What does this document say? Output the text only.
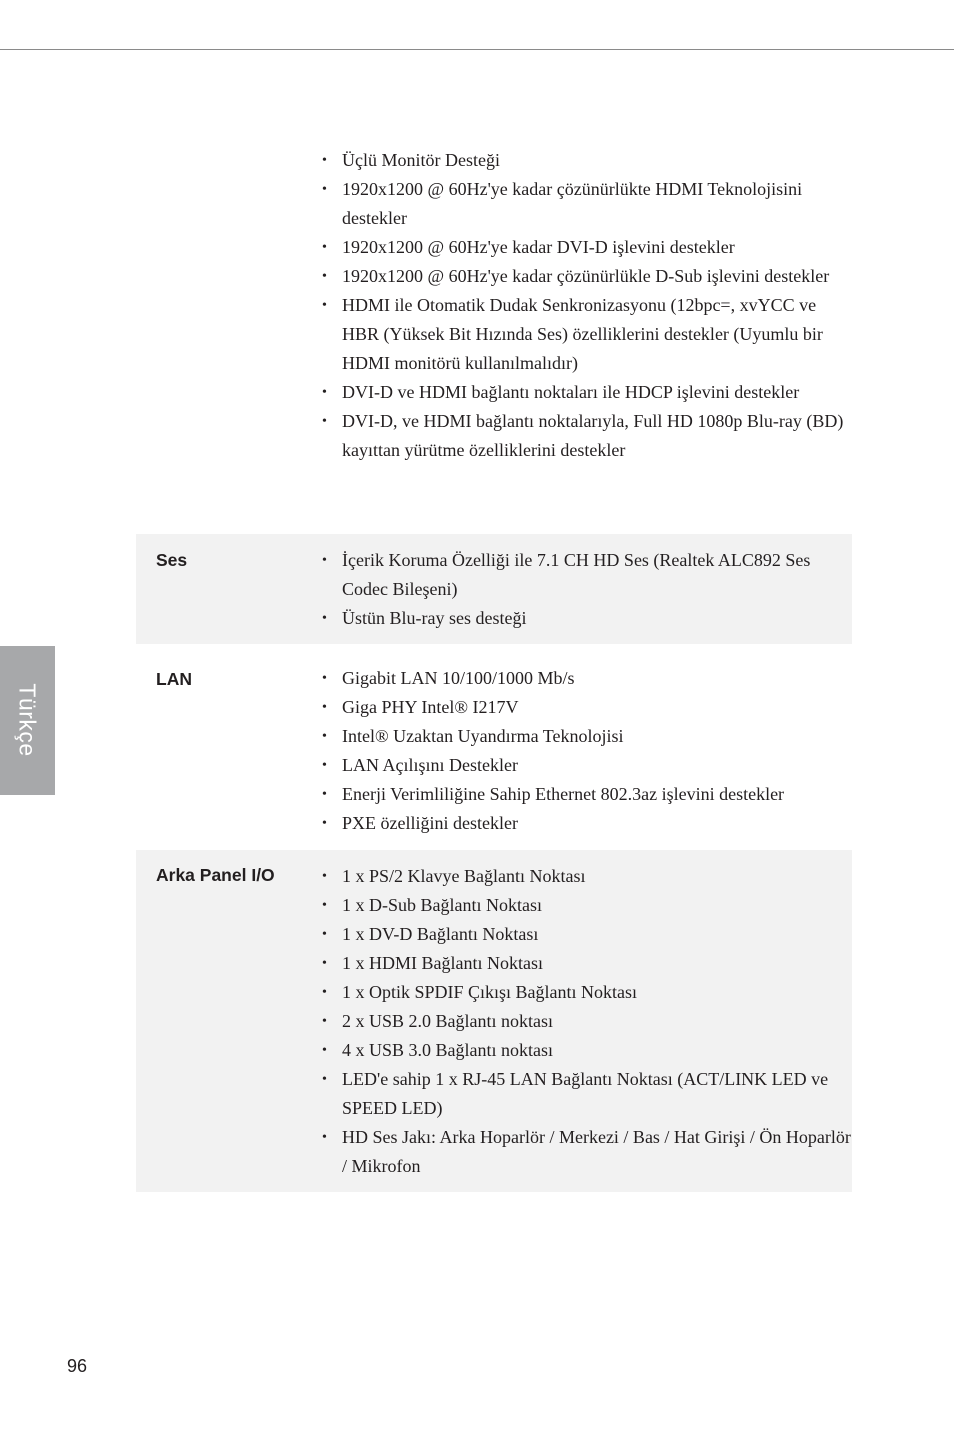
Türkçe
• Üçlü Monitör Desteği
• 1920x1200 @ 60Hz'ye kadar çözünürlükte HDMI Teknolojisini destekler
• 1920x1200 @ 60Hz'ye kadar DVI-D işlevini destekler
• 1920x1200 @ 60Hz'ye kadar çözünürlükle D-Sub işlevini destekler
• HDMI ile Otomatik Dudak Senkronizasyonu (12bpc=, xvYCC ve HBR (Yüksek Bit Hızında Ses) özelliklerini destekler (Uyumlu bir HDMI monitörü kullanılmalıdır)
• DVI-D ve HDMI bağlantı noktaları ile HDCP işlevini destekler
• DVI-D, ve HDMI bağlantı noktalarıyla, Full HD 1080p Blu-ray (BD) kayıttan yürütme özelliklerini destekler
Ses	• İçerik Koruma Özelliği ile 7.1 CH HD Ses (Realtek ALC892 Ses Codec Bileşeni)
• Üstün Blu-ray ses desteği
LAN	• Gigabit LAN 10/100/1000 Mb/s
• Giga PHY Intel® I217V
• Intel® Uzaktan Uyandırma Teknolojisi
• LAN Açılışını Destekler
• Enerji Verimliliğine Sahip Ethernet 802.3az işlevini destekler
• PXE özelliğini destekler
Arka Panel I/O	• 1 x PS/2 Klavye Bağlantı Noktası
• 1 x D-Sub Bağlantı Noktası
• 1 x DV-D Bağlantı Noktası
• 1 x HDMI Bağlantı Noktası
• 1 x Optik SPDIF Çıkışı Bağlantı Noktası
• 2 x USB 2.0 Bağlantı noktası
• 4 x USB 3.0 Bağlantı noktası
• LED'e sahip 1 x RJ-45 LAN Bağlantı Noktası (ACT/LINK LED ve SPEED LED)
• HD Ses Jakı: Arka Hoparlör / Merkezi / Bas / Hat Girişi / Ön Hoparlör / Mikrofon
96
